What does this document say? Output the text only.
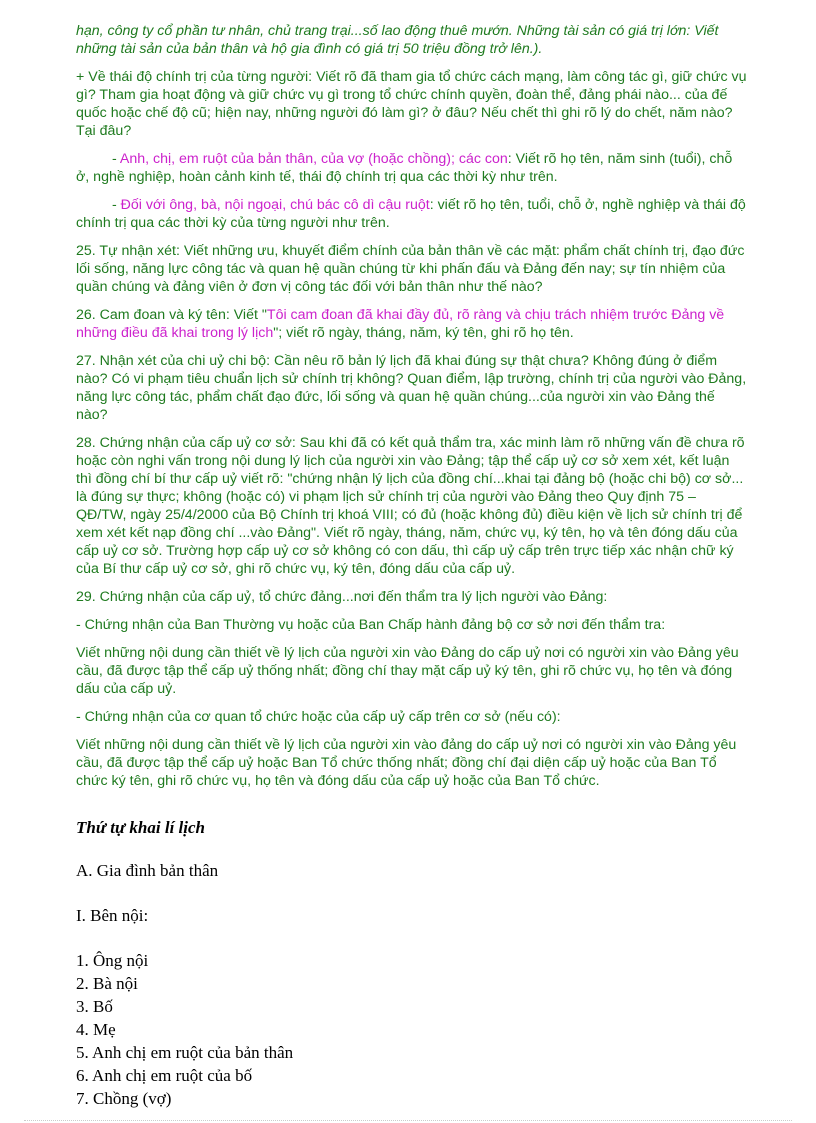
hạn, công ty cổ phần tư nhân, chủ trang trại...số lao động thuê mướn. Những tài sản có giá trị lớn: Viết những tài sản của bản thân và hộ gia đình có giá trị 50 triệu đồng trở lên.).

+ Về thái độ chính trị của từng người: Viết rõ đã tham gia tổ chức cách mạng, làm công tác gì, giữ chức vụ gì? Tham gia hoạt động và giữ chức vụ gì trong tổ chức chính quyền, đoàn thể, đảng phái nào... của đế quốc hoặc chế độ cũ; hiện nay, những người đó làm gì? ở đâu? Nếu chết thì ghi rõ lý do chết, năm nào? Tại đâu?

- Anh, chị, em ruột của bản thân, của vợ (hoặc chồng); các con: Viết rõ họ tên, năm sinh (tuổi), chỗ ở, nghề nghiệp, hoàn cảnh kinh tế, thái độ chính trị qua các thời kỳ như trên.

- Đối với ông, bà, nội ngoại, chú bác cô dì cậu ruột: viết rõ họ tên, tuổi, chỗ ở, nghề nghiệp và thái độ chính trị qua các thời kỳ của từng người như trên.

25. Tự nhận xét: Viết những ưu, khuyết điểm chính của bản thân về các mặt: phẩm chất chính trị, đạo đức lối sống, năng lực công tác và quan hệ quần chúng từ khi phấn đấu và Đảng đến nay; sự tín nhiệm của quần chúng và đảng viên ở đơn vị công tác đối với bản thân như thế nào?

26. Cam đoan và ký tên: Viết "Tôi cam đoan đã khai đầy đủ, rõ ràng và chịu trách nhiệm trước Đảng về những điều đã khai trong lý lịch"; viết rõ ngày, tháng, năm, ký tên, ghi rõ họ tên.

27. Nhận xét của chi uỷ chi bộ: Cần nêu rõ bản lý lịch đã khai đúng sự thật chưa? Không đúng ở điểm nào? Có vi phạm tiêu chuẩn lịch sử chính trị không? Quan điểm, lập trường, chính trị của người vào Đảng, năng lực công tác, phẩm chất đạo đức, lối sống và quan hệ quần chúng...của người xin vào Đảng thế nào?

28. Chứng nhận của cấp uỷ cơ sở: Sau khi đã có kết quả thẩm tra, xác minh làm rõ những vấn đề chưa rõ hoặc còn nghi vấn trong nội dung lý lịch của người xin vào Đảng; tập thể cấp uỷ cơ sở xem xét, kết luận thì đồng chí bí thư cấp uỷ viết rõ: "chứng nhận lý lịch của đồng chí...khai tại đảng bộ (hoặc chi bộ) cơ sở... là đúng sự thực; không (hoặc có) vi phạm lịch sử chính trị của người vào Đảng theo Quy định 75 – QĐ/TW, ngày 25/4/2000 của Bộ Chính trị khoá VIII; có đủ (hoặc không đủ) điều kiện về lịch sử chính trị để xem xét kết nạp đồng chí ...vào Đảng". Viết rõ ngày, tháng, năm, chức vụ, ký tên, họ và tên đóng dấu của cấp uỷ cơ sở. Trường hợp cấp uỷ cơ sở không có con dấu, thì cấp uỷ cấp trên trực tiếp xác nhận chữ ký của Bí thư cấp uỷ cơ sở, ghi rõ chức vụ, ký tên, đóng dấu của cấp uỷ.

29. Chứng nhận của cấp uỷ, tổ chức đảng...nơi đến thẩm tra lý lịch người vào Đảng:

- Chứng nhận của Ban Thường vụ hoặc của Ban Chấp hành đảng bộ cơ sở nơi đến thẩm tra:

Viết những nội dung cần thiết về lý lịch của người xin vào Đảng do cấp uỷ nơi có người xin vào Đảng yêu cầu, đã được tập thể cấp uỷ thống nhất; đồng chí thay mặt cấp uỷ ký tên, ghi rõ chức vụ, họ tên và đóng dấu của cấp uỷ.

- Chứng nhận của cơ quan tổ chức hoặc của cấp uỷ cấp trên cơ sở (nếu có):

Viết những nội dung cần thiết về lý lịch của người xin vào đảng do cấp uỷ nơi có người xin vào Đảng yêu cầu, đã được tập thể cấp uỷ hoặc Ban Tổ chức thống nhất; đồng chí đại diện cấp uỷ hoặc của Ban Tổ chức ký tên, ghi rõ chức vụ, họ tên và đóng dấu của cấp uỷ hoặc của Ban Tổ chức.

Thứ tự khai lí lịch

A. Gia đình bản thân

I. Bên nội:

1. Ông nội
2. Bà nội
3. Bố
4. Mẹ
5. Anh chị em ruột của bản thân
6. Anh chị em ruột của bố
7. Chồng (vợ)
